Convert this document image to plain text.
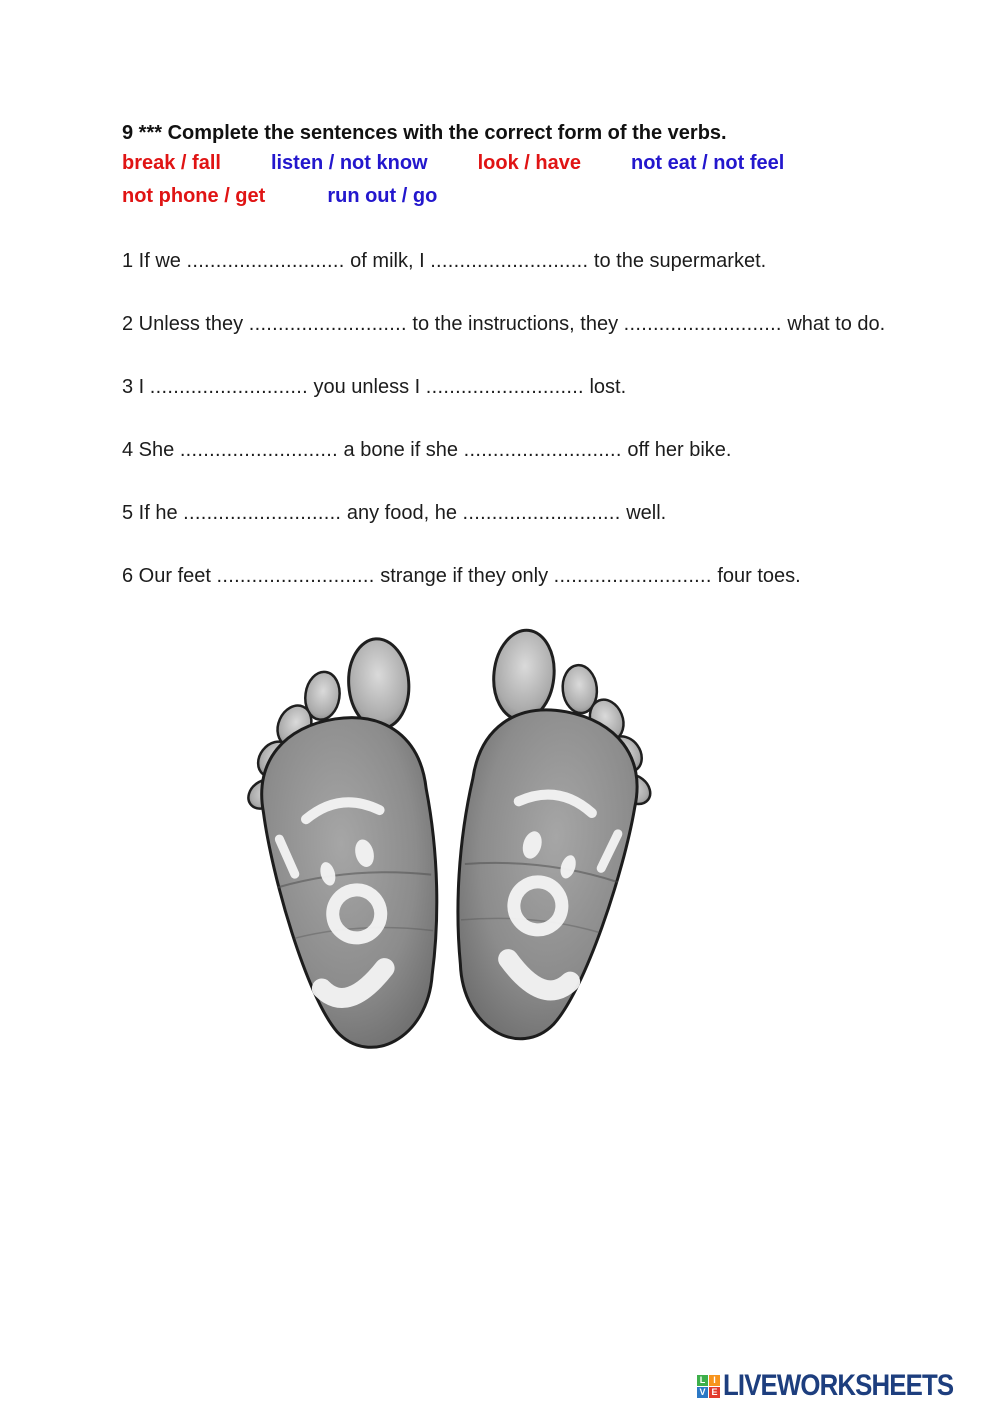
9 *** Complete the sentences with the correct form of the verbs.
break / fall	listen / not know	look / have	not eat / not feel
not phone / get	run out / go

1 If we ........................... of milk, I ........................... to the supermarket.

2 Unless they ........................... to the instructions, they ........................... what to do.

3 I ........................... you unless I ........................... lost.

4 She ........................... a bone if she ........................... off her bike.

5 If he ........................... any food, he ........................... well.

6 Our feet ........................... strange if they only ........................... four toes.

L I
V E LIVEWORKSHEETS
